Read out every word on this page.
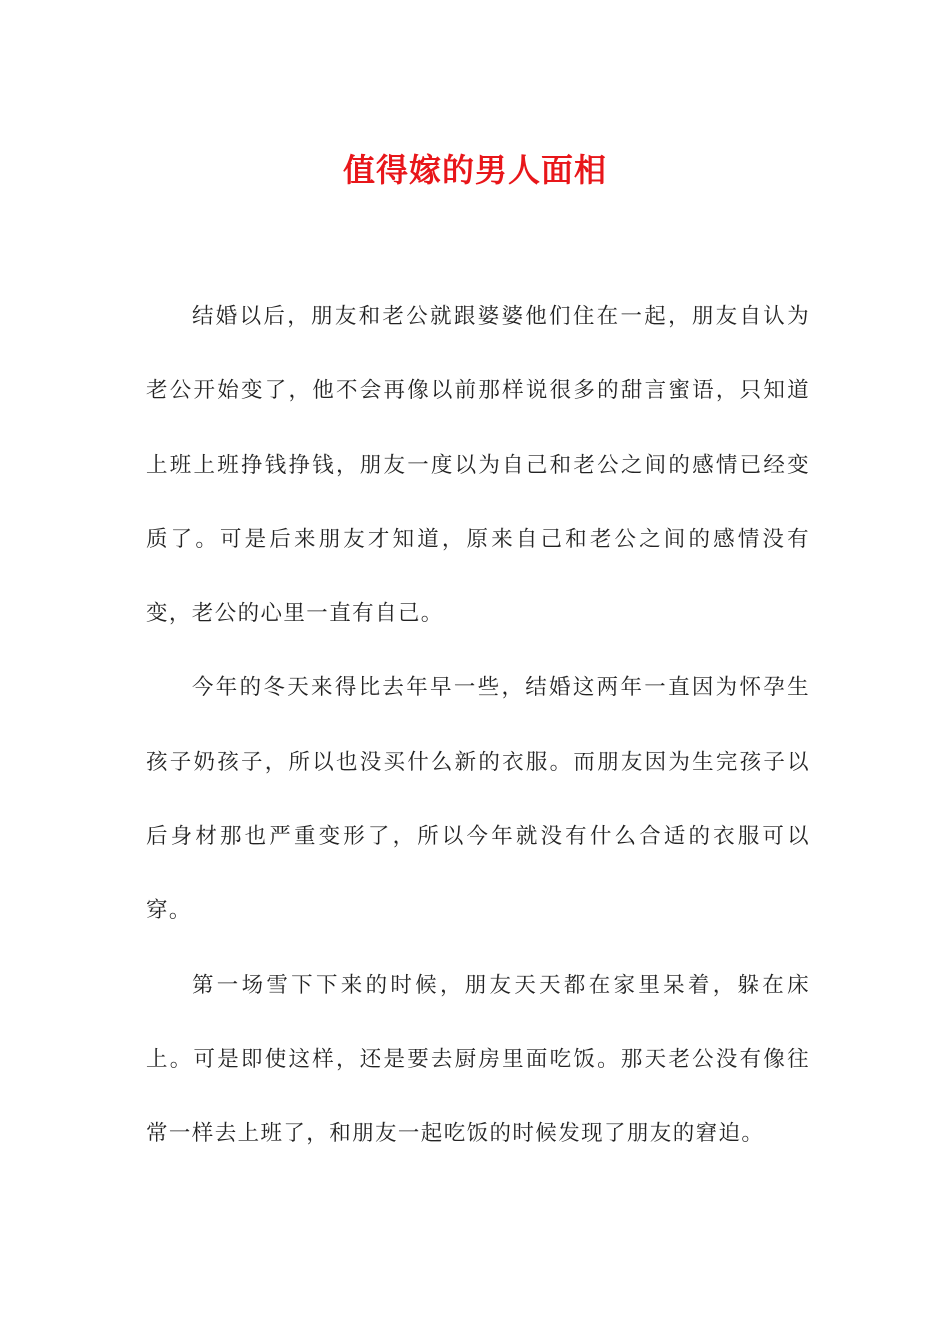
值得嫁的男人面相

结婚以后，朋友和老公就跟婆婆他们住在一起，朋友自认为老公开始变了，他不会再像以前那样说很多的甜言蜜语，只知道上班上班挣钱挣钱，朋友一度以为自己和老公之间的感情已经变质了。可是后来朋友才知道，原来自己和老公之间的感情没有变，老公的心里一直有自己。

今年的冬天来得比去年早一些，结婚这两年一直因为怀孕生孩子奶孩子，所以也没买什么新的衣服。而朋友因为生完孩子以后身材那也严重变形了，所以今年就没有什么合适的衣服可以穿。

第一场雪下下来的时候，朋友天天都在家里呆着，躲在床上。可是即使这样，还是要去厨房里面吃饭。那天老公没有像往常一样去上班了，和朋友一起吃饭的时候发现了朋友的窘迫。
